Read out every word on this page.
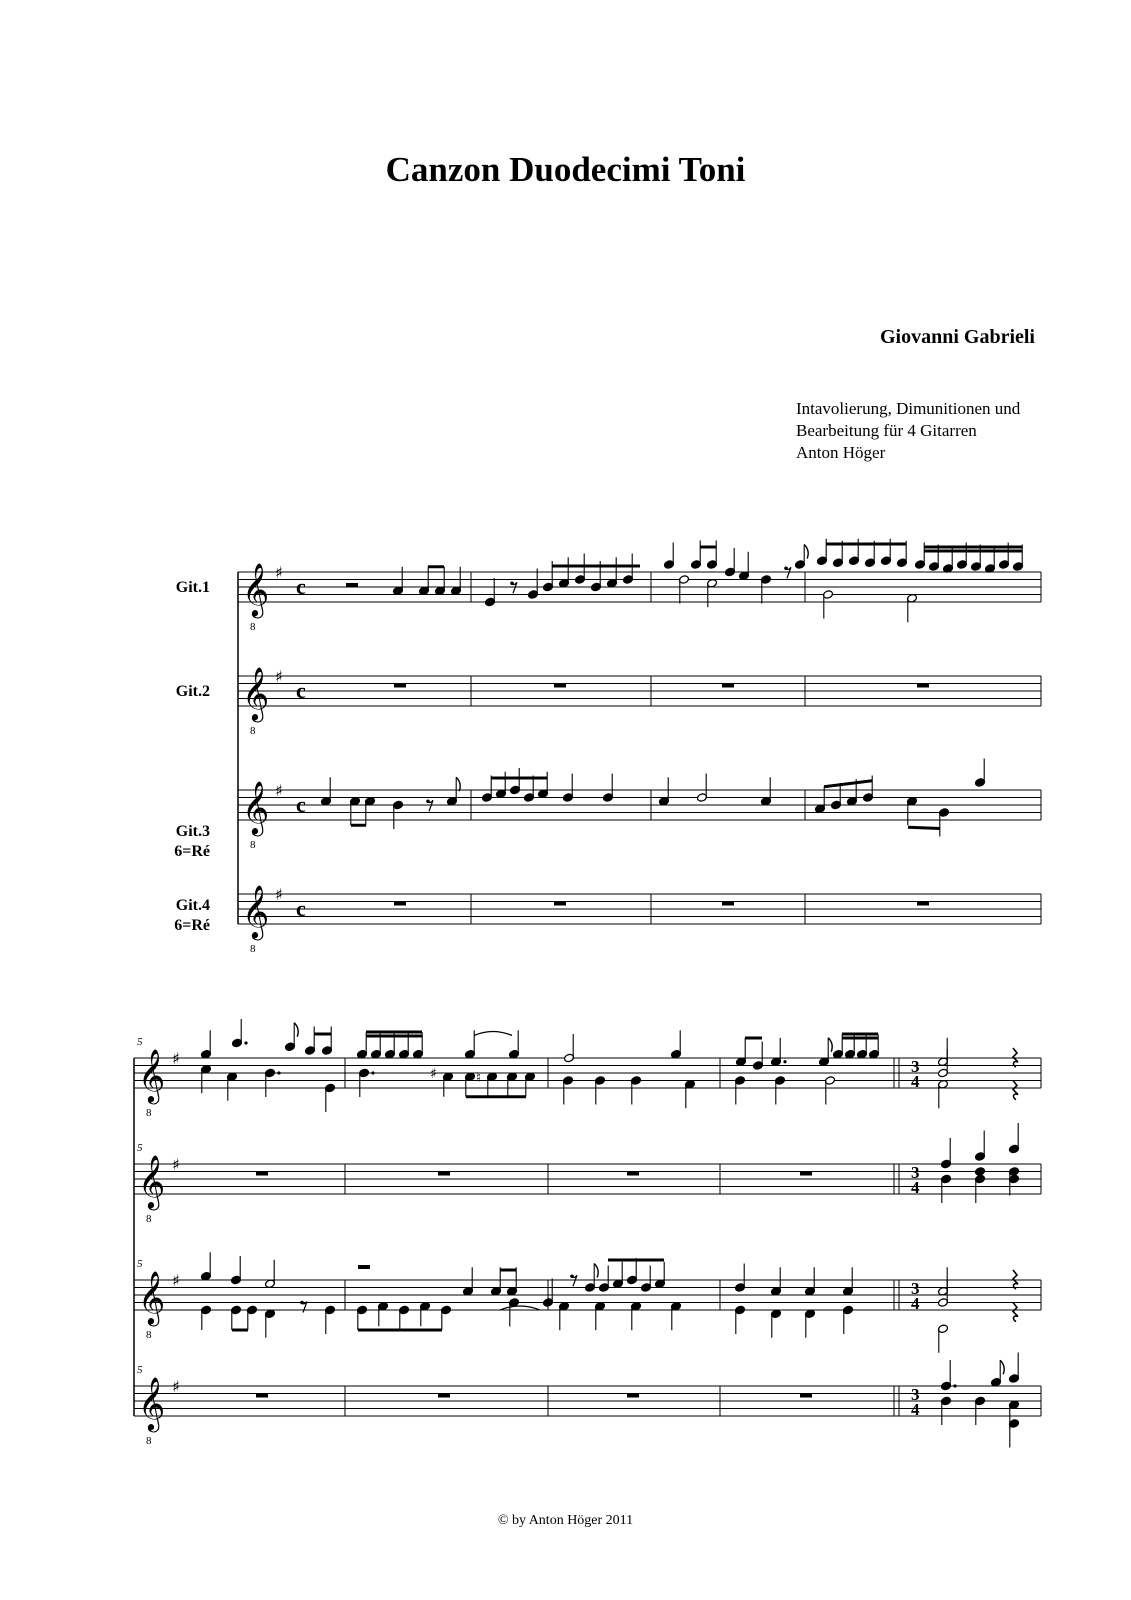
Canzon Duodecimi Toni
Giovanni Gabrieli
Intavolierung, Dimunitionen und
Bearbeitung für 4 Gitarren
Anton Höger
Git.1
Git.2
Git.3
6=Ré
Git.4
6=Ré
𝄞
8
♯
c
𝄞
8
♯
c
𝄞
8
♯
c
𝄞
8
♯
c
𝄞
8
♯	3
4
5
𝄞
8
♯	3
4
5
𝄞
8
♯	3
4
5
𝄞
8
♯	3
4
5
♯	♮
© by Anton Höger 2011
